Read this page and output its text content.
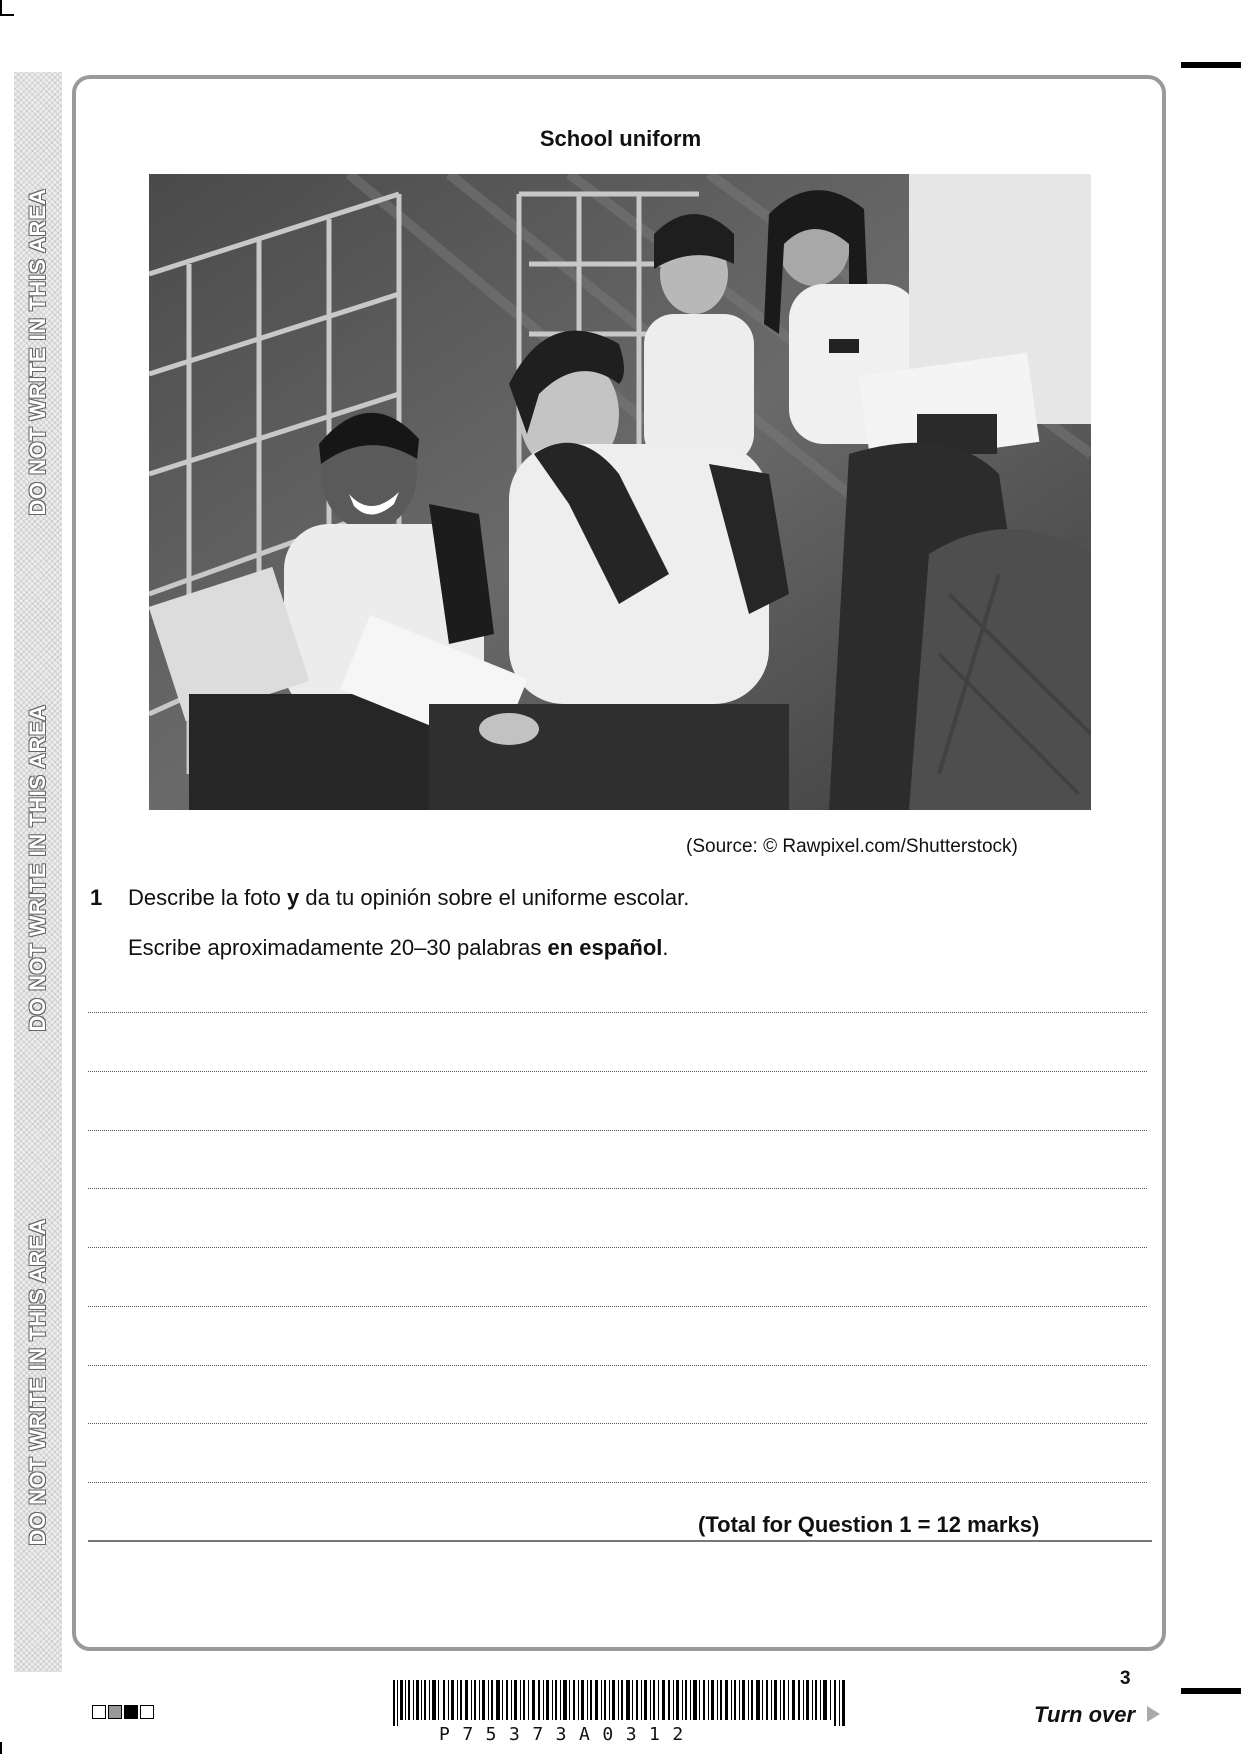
DO NOT WRITE IN THIS AREA
DO NOT WRITE IN THIS AREA
DO NOT WRITE IN THIS AREA
School uniform
(Source: © Rawpixel.com/Shutterstock)
1 Describe la foto y da tu opinión sobre el uniforme escolar.
Escribe aproximadamente 20–30 palabras en español.
(Total for Question 1 = 12 marks)
P75373A0312
3
Turn over
